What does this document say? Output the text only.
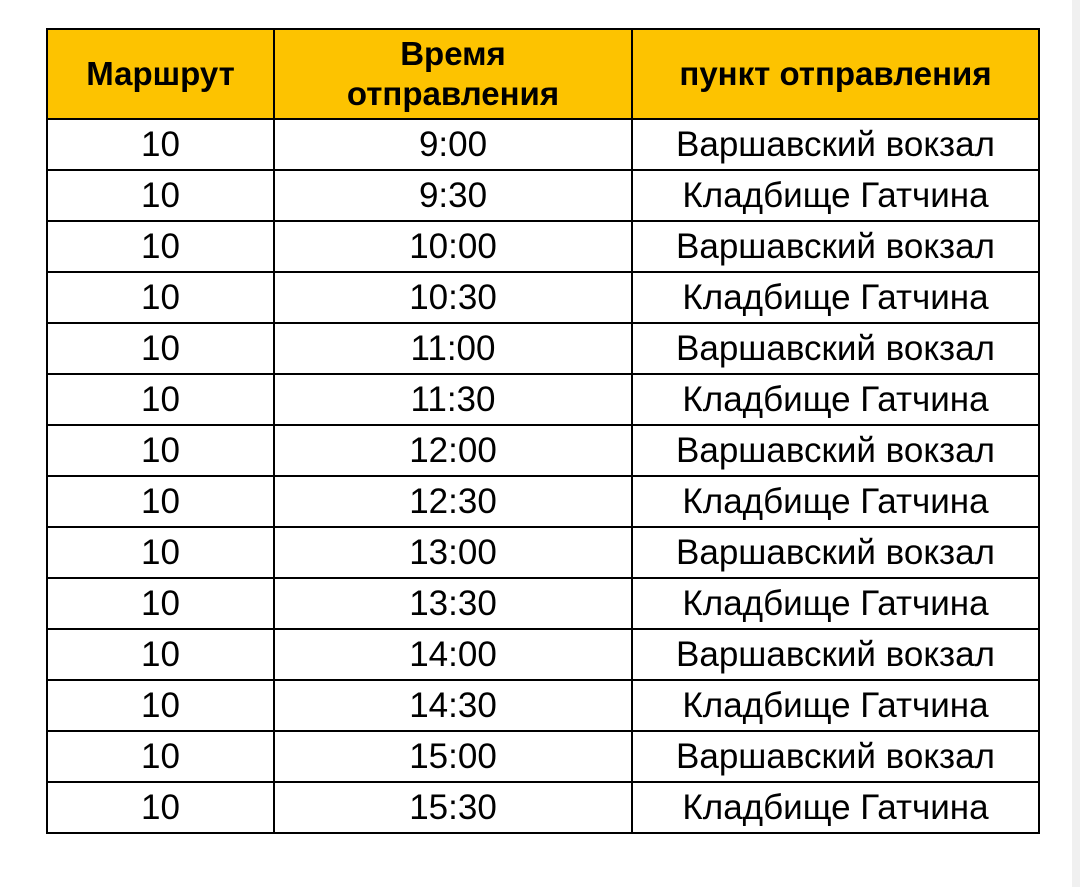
Маршрут	Время отправления	пункт отправления
10	9:00	Варшавский вокзал
10	9:30	Кладбище Гатчина
10	10:00	Варшавский вокзал
10	10:30	Кладбище Гатчина
10	11:00	Варшавский вокзал
10	11:30	Кладбище Гатчина
10	12:00	Варшавский вокзал
10	12:30	Кладбище Гатчина
10	13:00	Варшавский вокзал
10	13:30	Кладбище Гатчина
10	14:00	Варшавский вокзал
10	14:30	Кладбище Гатчина
10	15:00	Варшавский вокзал
10	15:30	Кладбище Гатчина
